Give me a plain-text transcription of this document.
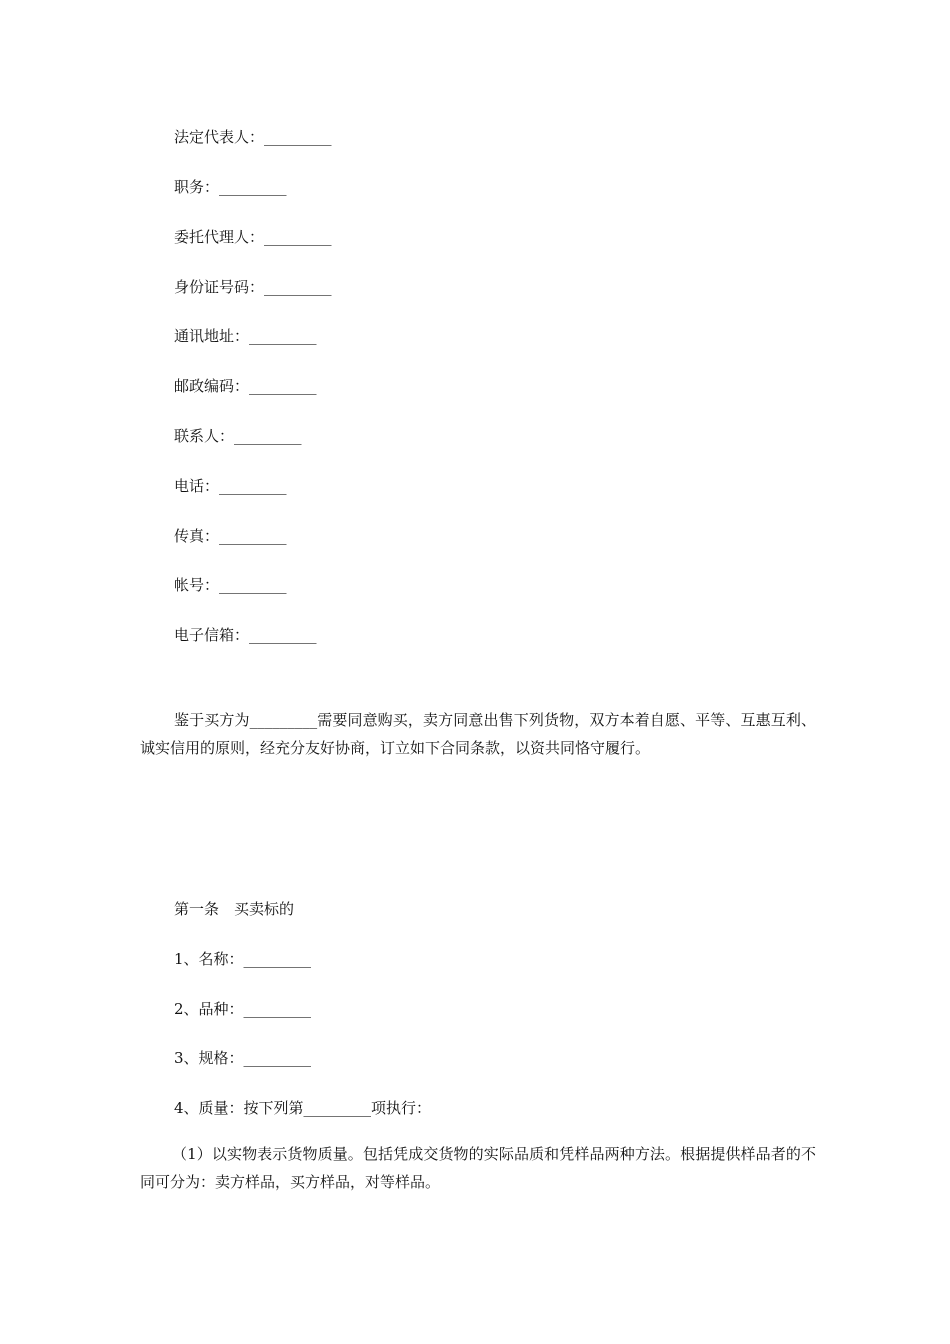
法定代表人：_________
职务：_________
委托代理人：_________
身份证号码：_________
通讯地址：_________
邮政编码：_________
联系人：_________
电话：_________
传真：_________
帐号：_________
电子信箱：_________

鉴于买方为_________需要同意购买，卖方同意出售下列货物，双方本着自愿、平等、互惠互利、诚实信用的原则，经充分友好协商，订立如下合同条款，以资共同恪守履行。

第一条　买卖标的
1、名称：_________
2、品种：_________
3、规格：_________
4、质量：按下列第_________项执行：

（1）以实物表示货物质量。包括凭成交货物的实际品质和凭样品两种方法。根据提供样品者的不同可分为：卖方样品，买方样品，对等样品。
